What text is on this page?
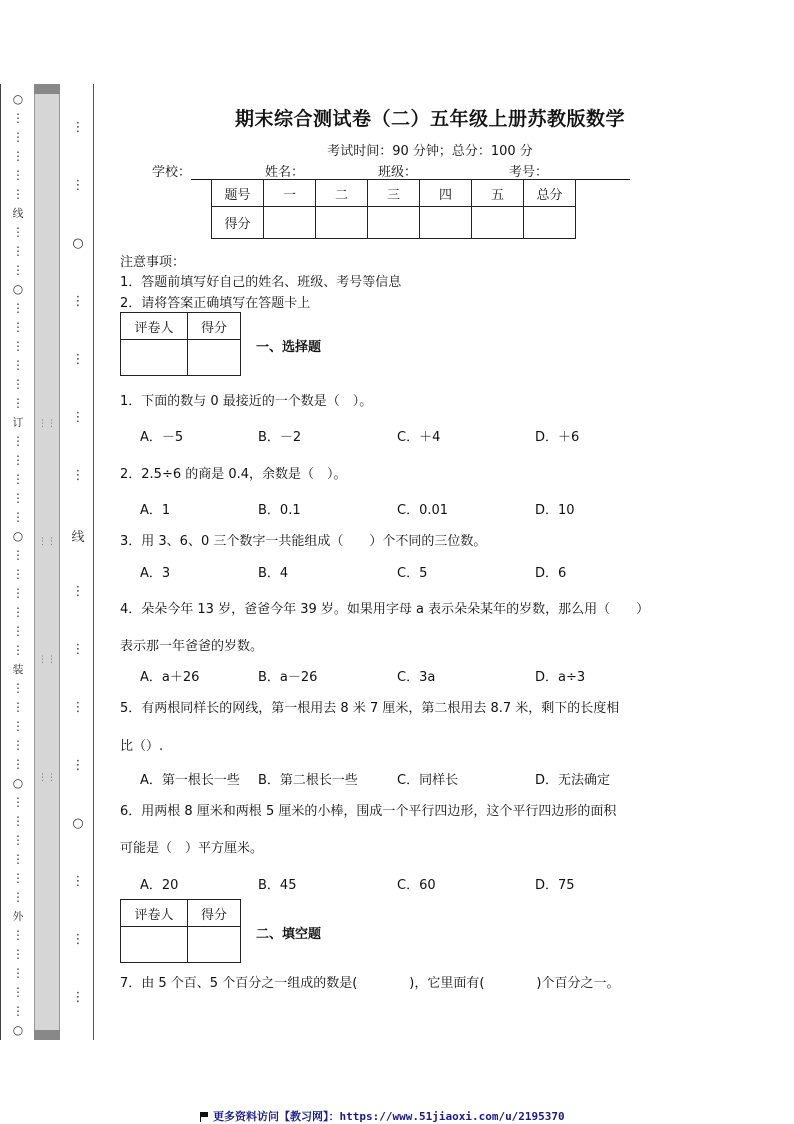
○
⋮
⋮
⋮
⋮
⋮
线
⋮
⋮
⋮
○
⋮
⋮
⋮
⋮
⋮
⋮
订
⋮
⋮
⋮
⋮
⋮
○
⋮
⋮
⋮
⋮
⋮
⋮
装
⋮
⋮
⋮
⋮
⋮
○
⋮
⋮
⋮
⋮
⋮
⋮
外
⋮
⋮
⋮
⋮
⋮
○
⋮⋮
⋮⋮
⋮⋮
⋮⋮
⋮
⋮
○
⋮
⋮
⋮
⋮
线
⋮
⋮
⋮
⋮
○
⋮
⋮
⋮
期末综合测试卷（二）五年级上册苏教版数学
考试时间：90 分钟；总分：100 分
学校：	姓名：	班级：	考号：
题号	一	二	三	四	五	总分
得分						
注意事项：
1．答题前填写好自己的姓名、班级、考号等信息
2．请将答案正确填写在答题卡上
评卷人	得分

一、选择题
1．下面的数与 0 最接近的一个数是（　）。
A．－5	B．－2	C．＋4	D．＋6
2．2.5÷6 的商是 0.4，余数是（　）。
A．1	B．0.1	C．0.01	D．10
3．用 3、6、0 三个数字一共能组成（　　）个不同的三位数。
A．3	B．4	C．5	D．6
4．朵朵今年 13 岁，爸爸今年 39 岁。如果用字母 a 表示朵朵某年的岁数，那么用（　　）
表示那一年爸爸的岁数。
A．a＋26	B．a－26	C．3a	D．a÷3
5．有两根同样长的网线，第一根用去 8 米 7 厘米，第二根用去 8.7 米，剩下的长度相
比（）.
A．第一根长一些 B．第二根长一些	C．同样长	D．无法确定
6．用两根 8 厘米和两根 5 厘米的小棒，围成一个平行四边形，这个平行四边形的面积
可能是（　）平方厘米。
A．20	B．45	C．60	D．75
评卷人	得分

二、填空题
7．由 5 个百、5 个百分之一组成的数是(　　　　)，它里面有(　　　　)个百分之一。
更多资料访问【教习网】：https://www.51jiaoxi.com/u/2195370
